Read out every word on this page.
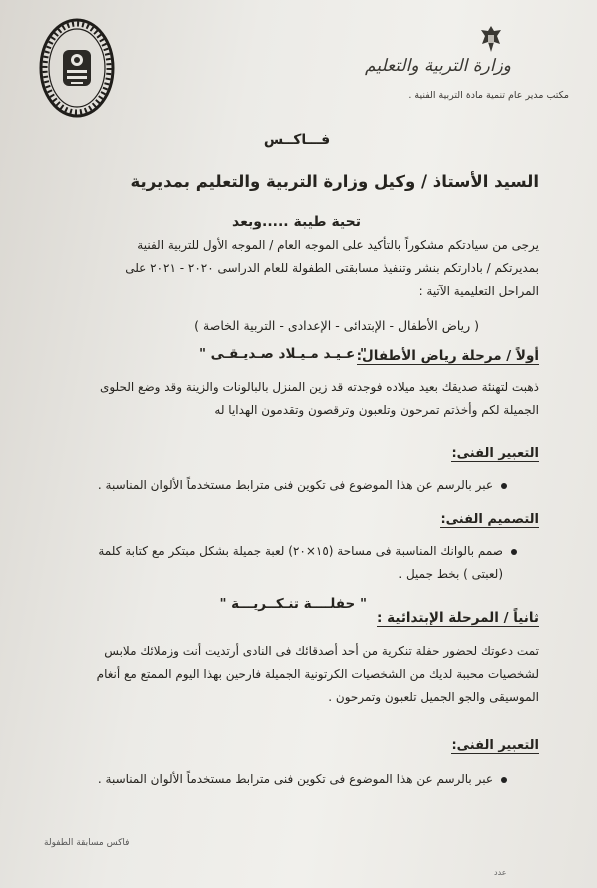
وزارة التربية والتعليم
مكتب مدير عام تنمية مادة التربية الفنية .
فـــاكــس
السيد الأستاذ / وكيل وزارة التربية والتعليم بمديرية
تحية طيبة .....وبعد
يرجى من سيادتكم مشكوراً بالتأكيد على الموجه العام / الموجه الأول للتربية الفنية
بمديرتكم / بادارتكم بنشر وتنفيذ مسابقتى الطفولة للعام الدراسى ٢٠٢٠ - ٢٠٢١ على
المراحل التعليمية الآتية :
( رياض الأطفال - الإبتدائى - الإعدادى - التربية الخاصة )
أولاً / مرحلة رياض الأطفال:
" عـيـد مـيـلاد صـديـقـى "
ذهبت لتهنئة صديقك بعيد ميلاده فوجدته قد زين المنزل بالبالونات والزينة وقد وضع الحلوى
الجميلة لكم وأخذتم تمرحون وتلعبون وترقصون وتقدمون الهدايا له
التعبير الفنى:
عبر بالرسم عن هذا الموضوع فى تكوين فنى مترابط مستخدماً الألوان المناسبة .
التصميم الفنى:
صمم بالوانك المناسبة فى مساحة (١٥×٢٠) لعبة جميلة بشكل مبتكر مع كتابة كلمة
(لعبتى ) بخط جميل .
ثانياً / المرحلة الإبتدائية :
" حفلــــة تنـكــريـــة "
تمت دعوتك لحضور حفلة تنكرية من أحد أصدقائك فى النادى أرتديت أنت وزملائك ملابس
لشخصيات محببة لديك من الشخصيات الكرتونية الجميلة فارحين بهذا اليوم الممتع مع أنغام
الموسيقى والجو الجميل تلعبون وتمرحون .
التعبير الفنى:
عبر بالرسم عن هذا الموضوع فى تكوين فنى مترابط مستخدماً الألوان المناسبة .
فاكس مسابقة الطفولة
عدد
